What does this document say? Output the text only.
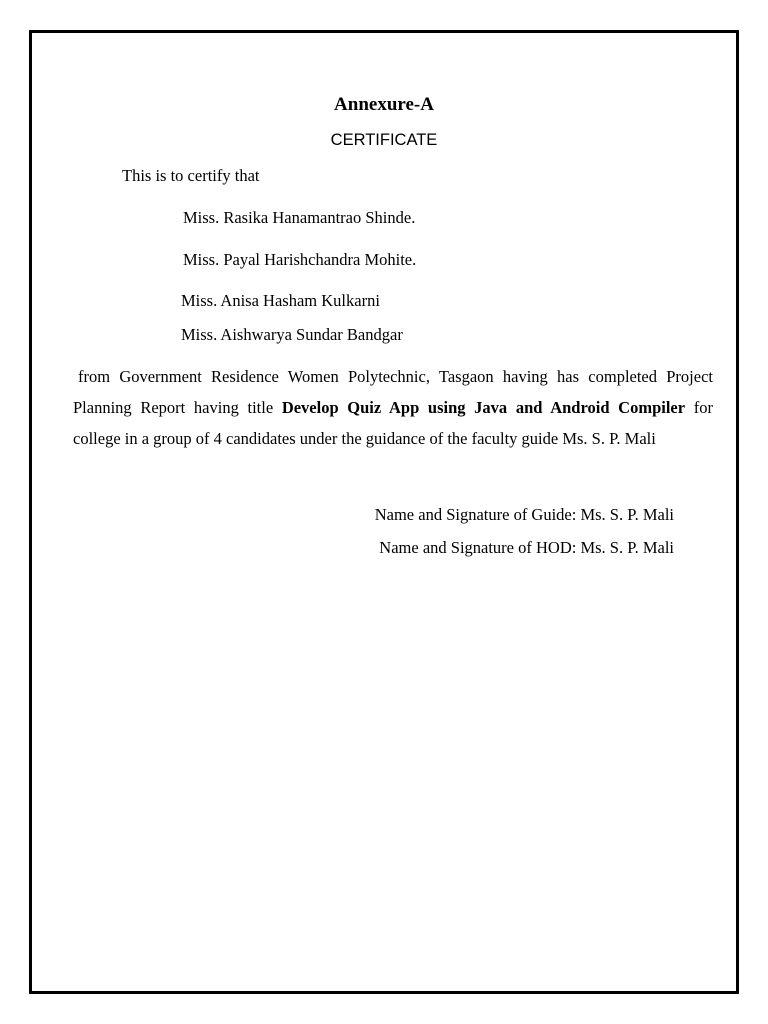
Annexure-A
CERTIFICATE
This is to certify that
Miss. Rasika Hanamantrao Shinde.
Miss. Payal Harishchandra Mohite.
Miss. Anisa Hasham Kulkarni
Miss. Aishwarya Sundar Bandgar
from Government Residence Women Polytechnic, Tasgaon having has completed Project
Planning Report having title Develop Quiz App using Java and Android Compiler for
college in a group of 4 candidates under the guidance of the faculty guide Ms. S. P. Mali
Name and Signature of Guide: Ms. S. P. Mali
Name and Signature of HOD: Ms. S. P. Mali
